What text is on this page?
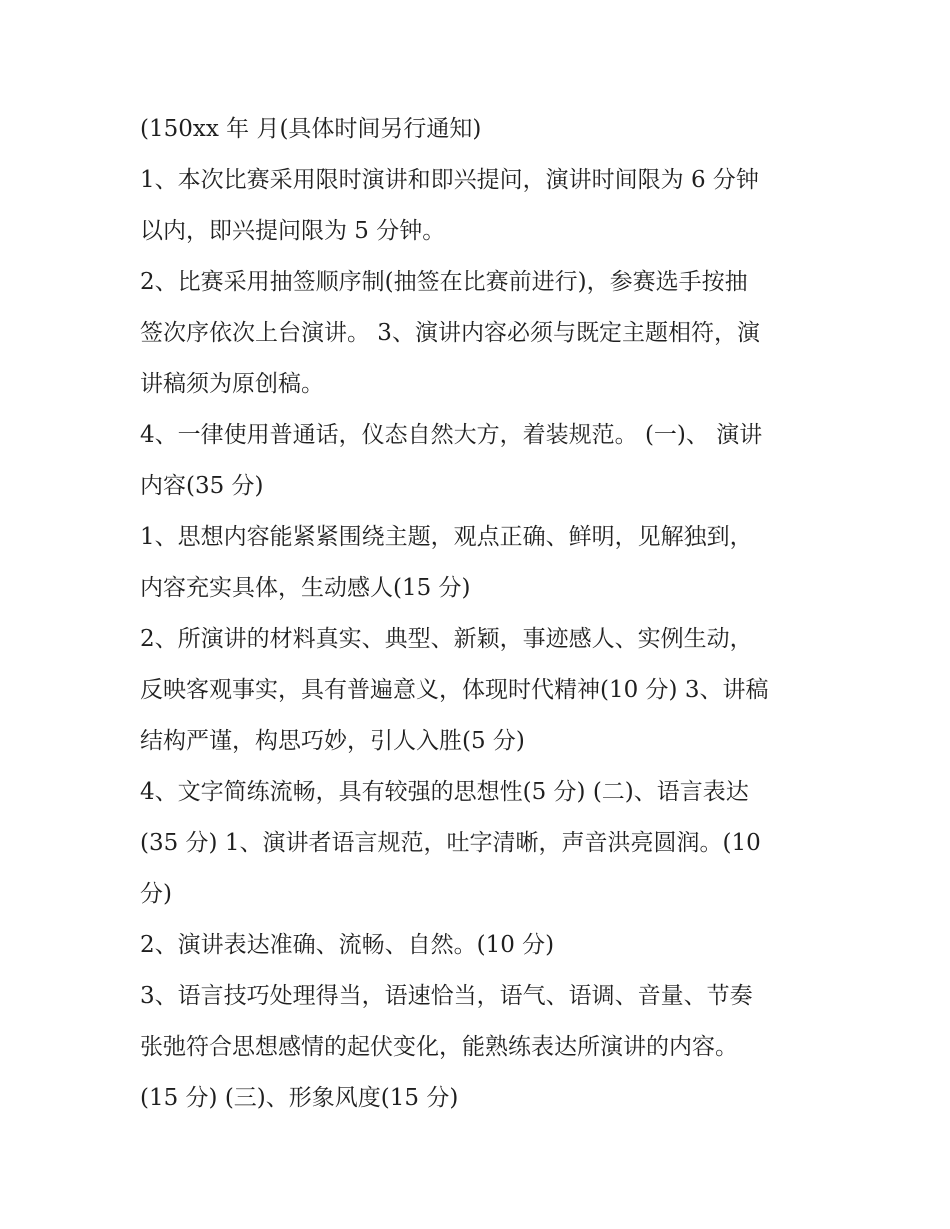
(150xx 年 月(具体时间另行通知)
1、本次比赛采用限时演讲和即兴提问，演讲时间限为 6 分钟
以内，即兴提问限为 5 分钟。
2、比赛采用抽签顺序制(抽签在比赛前进行)，参赛选手按抽
签次序依次上台演讲。 3、演讲内容必须与既定主题相符，演
讲稿须为原创稿。
4、一律使用普通话，仪态自然大方，着装规范。 (一)、 演讲
内容(35 分)
1、思想内容能紧紧围绕主题，观点正确、鲜明，见解独到，
内容充实具体，生动感人(15 分)
2、所演讲的材料真实、典型、新颖，事迹感人、实例生动，
反映客观事实，具有普遍意义，体现时代精神(10 分) 3、讲稿
结构严谨，构思巧妙，引人入胜(5 分)
4、文字简练流畅，具有较强的思想性(5 分) (二)、语言表达
(35 分) 1、演讲者语言规范，吐字清晰，声音洪亮圆润。(10
分)
2、演讲表达准确、流畅、自然。(10 分)
3、语言技巧处理得当，语速恰当，语气、语调、音量、节奏
张弛符合思想感情的起伏变化，能熟练表达所演讲的内容。
(15 分) (三)、形象风度(15 分)
